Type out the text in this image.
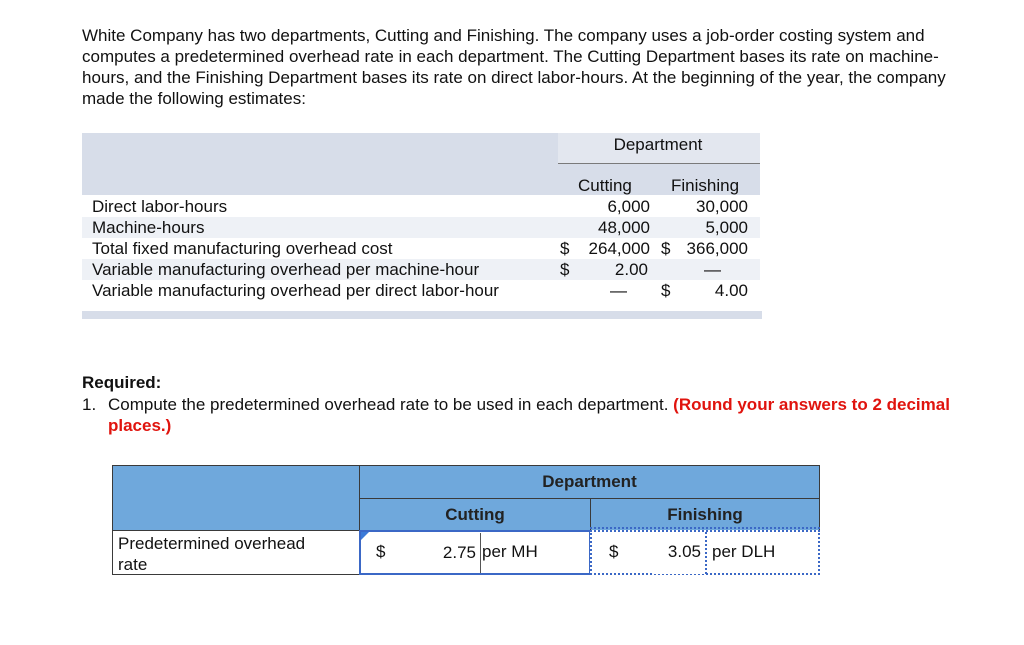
White Company has two departments, Cutting and Finishing. The company uses a job-order costing system and computes a predetermined overhead rate in each department. The Cutting Department bases its rate on machine-hours, and the Finishing Department bases its rate on direct labor-hours. At the beginning of the year, the company made the following estimates:

Department
Cutting Finishing
Direct labor-hours	6,000	30,000
Machine-hours	48,000	5,000
Total fixed manufacturing overhead cost	$	264,000 $ 366,000
Variable manufacturing overhead per machine-hour	$	2.00	—
Variable manufacturing overhead per direct labor-hour	— $	4.00
Required:
1. Compute the predetermined overhead rate to be used in each department. (Round your answers to 2 decimal places.)
Department
Cutting	Finishing
Predetermined overhead rate
$	2.75 per MH	$	3.05 per DLH
